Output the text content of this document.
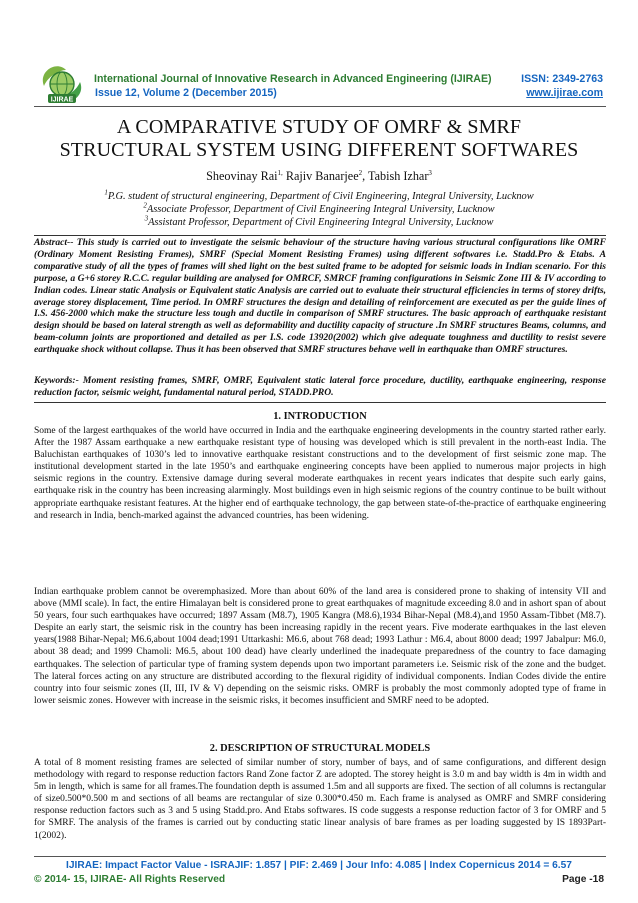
IJIRAE
International Journal of Innovative Research in Advanced Engineering (IJIRAE)
Issue 12, Volume 2 (December 2015)
ISSN: 2349-2763
www.ijirae.com
A COMPARATIVE STUDY OF OMRF & SMRF
STRUCTURAL SYSTEM USING DIFFERENT SOFTWARES
Sheovinay Rai$^{1,}$ Rajiv Banarjee$^2$, Tabish Izhar$^3$
$^1$P.G. student of structural engineering, Department of Civil Engineering, Integral University, Lucknow
$^2$Associate Professor, Department of Civil Engineering Integral University, Lucknow
$^3$Assistant Professor, Department of Civil Engineering Integral University, Lucknow

Abstract-- This study is carried out to investigate the seismic behaviour of the structure having various structural configurations like OMRF (Ordinary Moment Resisting Frames), SMRF (Special Moment Resisting Frames) using different softwares i.e. Stadd.Pro & Etabs. A comparative study of all the types of frames will shed light on the best suited frame to be adopted for seismic loads in Indian scenario. For this purpose, a G+6 storey R.C.C. regular building are analysed for OMRCF, SMRCF framing configurations in Seismic Zone III & IV according to Indian codes. Linear static Analysis or Equivalent static Analysis are carried out to evaluate their structural efficiencies in terms of storey drifts, average storey displacement, Time period. In OMRF structures the design and detailing of reinforcement are executed as per the guide lines of I.S. 456-2000 which make the structure less tough and ductile in comparison of SMRF structures. The basic approach of earthquake resistant design should be based on lateral strength as well as deformability and ductility capacity of structure .In SMRF structures Beams, columns, and beam-column joints are proportioned and detailed as per I.S. code 13920(2002) which give adequate toughness and ductility to resist severe earthquake shock without collapse. Thus it has been observed that SMRF structures behave well in earthquake than OMRF structures.

Keywords:- Moment resisting frames, SMRF, OMRF, Equivalent static lateral force procedure, ductility, earthquake engineering, response reduction factor, seismic weight, fundamental natural period, STADD.PRO.

1. INTRODUCTION

Some of the largest earthquakes of the world have occurred in India and the earthquake engineering developments in the country started rather early. After the 1987 Assam earthquake a new earthquake resistant type of housing was developed which is still prevalent in the north-east India. The Baluchistan earthquakes of 1030’s led to innovative earthquake resistant constructions and to the development of first seismic zone map. The institutional development started in the late 1950’s and earthquake engineering concepts have been applied to numerous major projects in high seismic regions in the country. Extensive damage during several moderate earthquakes in recent years indicates that despite such early gains, earthquake risk in the country has been increasing alarmingly. Most buildings even in high seismic regions of the country continue to be built without appropriate earthquake resistant features. At the higher end of earthquake technology, the gap between state-of-the-practice of earthquake engineering and research in India, bench-marked against the advanced countries, has been widening.

Indian earthquake problem cannot be overemphasized. More than about 60% of the land area is considered prone to shaking of intensity VII and above (MMI scale). In fact, the entire Himalayan belt is considered prone to great earthquakes of magnitude exceeding 8.0 and in ashort span of about 50 years, four such earthquakes have occurred; 1897 Assam (M8.7), 1905 Kangra (M8.6),1934 Bihar-Nepal (M8.4),and 1950 Assam-Tibbet (M8.7). Despite an early start, the seismic risk in the country has been increasing rapidly in the recent years. Five moderate earthquakes in the last eleven years(1988 Bihar-Nepal; M6.6,about 1004 dead;1991 Uttarkashi: M6.6, about 768 dead; 1993 Lathur : M6.4, about 8000 dead; 1997 Jabalpur: M6.0, about 38 dead; and 1999 Chamoli: M6.5, about 100 dead) have clearly underlined the inadequate preparedness of the country to face damaging earthquakes. The selection of particular type of framing system depends upon two important parameters i.e. Seismic risk of the zone and the budget. The lateral forces acting on any structure are distributed according to the flexural rigidity of individual components. Indian Codes divide the entire country into four seismic zones (II, III, IV & V) depending on the seismic risks. OMRF is probably the most commonly adopted type of frame in lower seismic zones. However with increase in the seismic risks, it becomes insufficient and SMRF need to be adopted.

2. DESCRIPTION OF STRUCTURAL MODELS

A total of 8 moment resisting frames are selected of similar number of story, number of bays, and of same configurations, and different design methodology with regard to response reduction factors Rand Zone factor Z are adopted. The storey height is 3.0 m and bay width is 4m in width and 5m in length, which is same for all frames.The foundation depth is assumed 1.5m and all supports are fixed. The section of all columns is rectangular of size0.500*0.500 m and sections of all beams are rectangular of size 0.300*0.450 m. Each frame is analysed as OMRF and SMRF considering response reduction factors such as 3 and 5 using Stadd.pro. And Etabs softwares. IS code suggests a response reduction factor of 3 for OMRF and 5 for SMRF. The analysis of the frames is carried out by conducting static linear analysis of bare frames as per loading suggested by IS 1893Part-1(2002).

IJIRAE: Impact Factor Value - ISRAJIF: 1.857 | PIF: 2.469 | Jour Info: 4.085 | Index Copernicus 2014 = 6.57
© 2014- 15, IJIRAE- All Rights Reserved	Page -18
